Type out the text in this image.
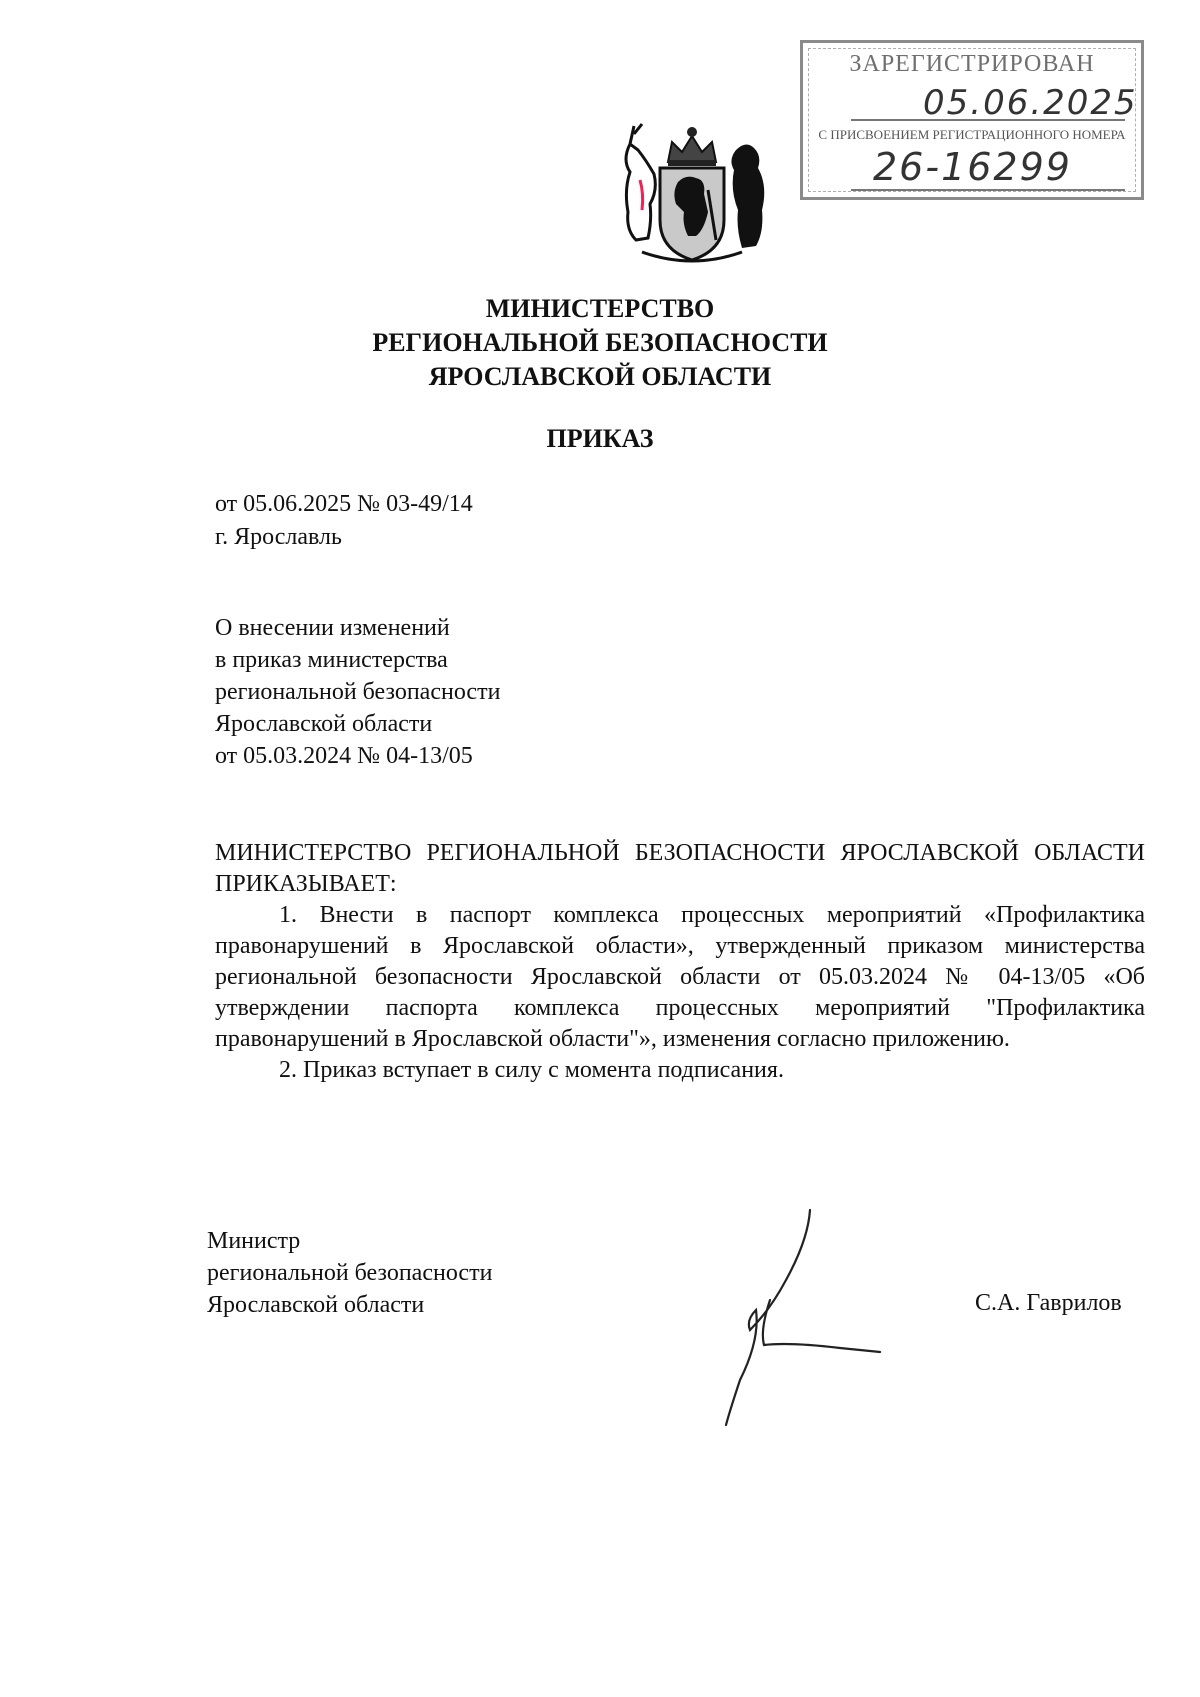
ЗАРЕГИСТРИРОВАН
05.06.2025
С ПРИСВОЕНИЕМ РЕГИСТРАЦИОННОГО НОМЕРА
26-16299
МИНИСТЕРСТВО
РЕГИОНАЛЬНОЙ БЕЗОПАСНОСТИ
ЯРОСЛАВСКОЙ ОБЛАСТИ
ПРИКАЗ
от 05.06.2025 № 03-49/14
г. Ярославль
О внесении изменений
в приказ министерства
региональной безопасности
Ярославской области
от 05.03.2024 № 04-13/05

МИНИСТЕРСТВО РЕГИОНАЛЬНОЙ БЕЗОПАСНОСТИ ЯРОСЛАВСКОЙ ОБЛАСТИ ПРИКАЗЫВАЕТ:

1. Внести в паспорт комплекса процессных мероприятий «Профилактика правонарушений в Ярославской области», утвержденный приказом министерства региональной безопасности Ярославской области от 05.03.2024 № 04-13/05 «Об утверждении паспорта комплекса процессных мероприятий "Профилактика правонарушений в Ярославской области"», изменения согласно приложению.

2. Приказ вступает в силу с момента подписания.

Министр
региональной безопасности
Ярославской области	С.А. Гаврилов
